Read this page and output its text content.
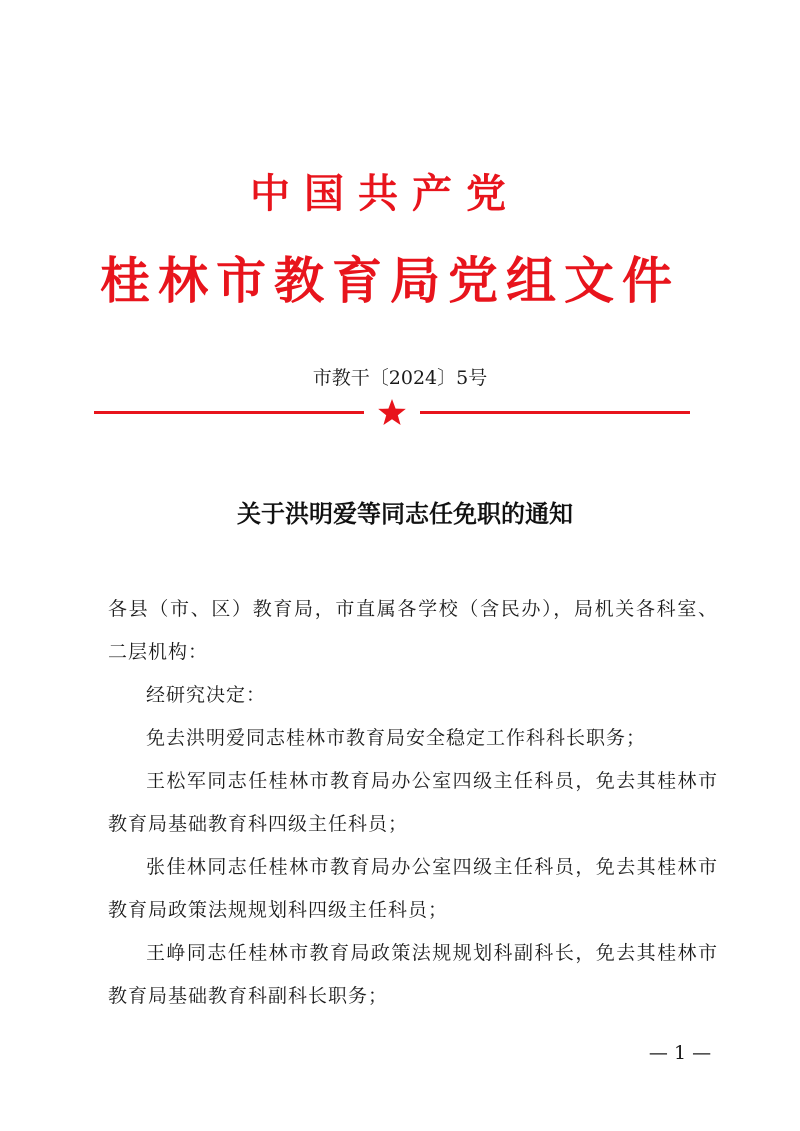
中国共产党
桂林市教育局党组文件
市教干〔2024〕5号
关于洪明爱等同志任免职的通知

各县（市、区）教育局，市直属各学校（含民办），局机关各科室、二层机构：

经研究决定：

免去洪明爱同志桂林市教育局安全稳定工作科科长职务；

王松军同志任桂林市教育局办公室四级主任科员，免去其桂林市教育局基础教育科四级主任科员；

张佳林同志任桂林市教育局办公室四级主任科员，免去其桂林市教育局政策法规规划科四级主任科员；

王峥同志任桂林市教育局政策法规规划科副科长，免去其桂林市教育局基础教育科副科长职务；

— 1 —
